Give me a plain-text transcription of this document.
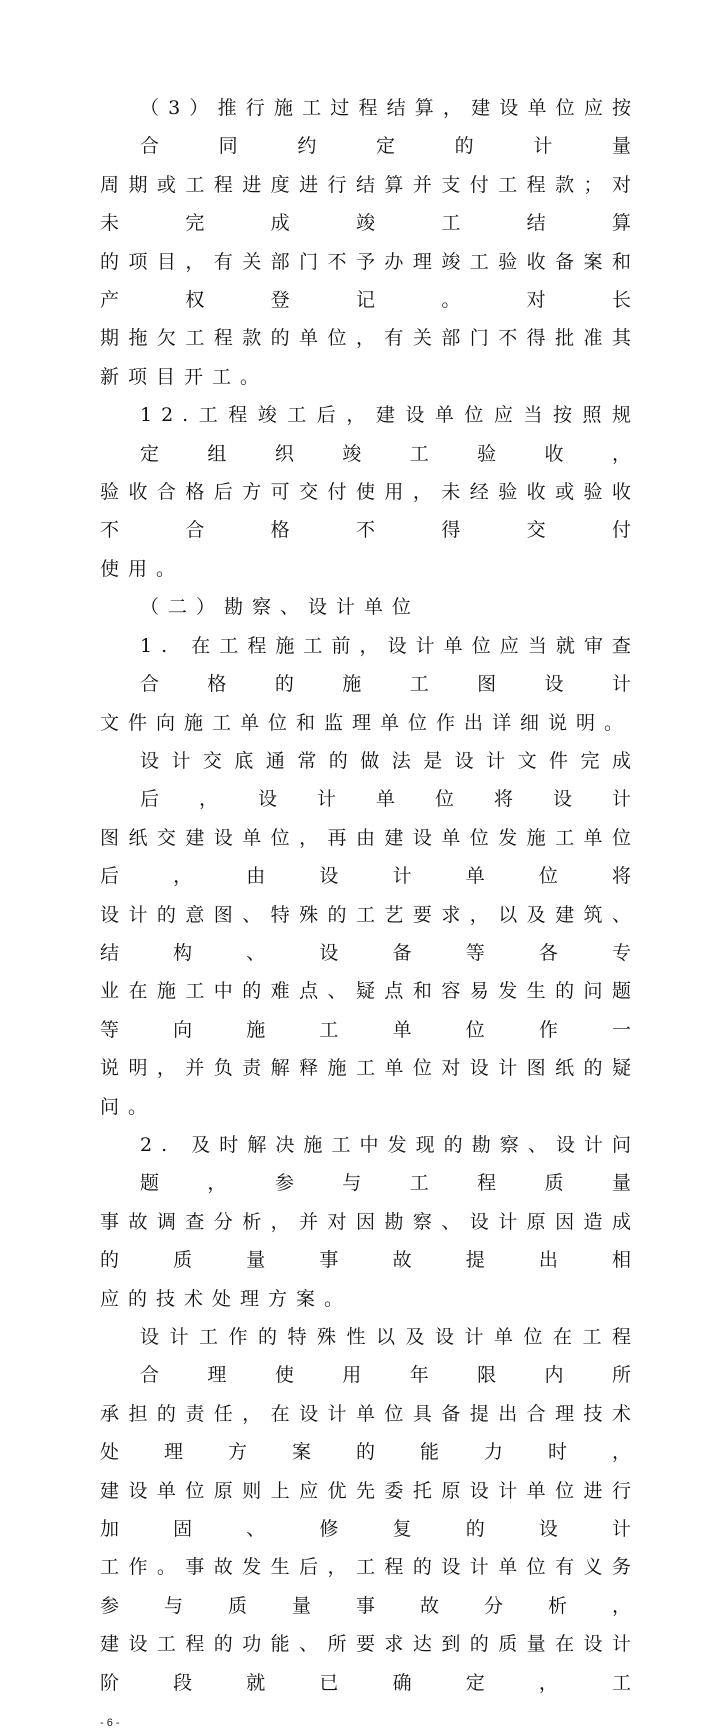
（3）推行施工过程结算，建设单位应按合同约定的计量
周期或工程进度进行结算并支付工程款；对未完成竣工结算
的项目，有关部门不予办理竣工验收备案和产权登记。对长
期拖欠工程款的单位，有关部门不得批准其新项目开工。
12.工程竣工后，建设单位应当按照规定组织竣工验收，
验收合格后方可交付使用，未经验收或验收不合格不得交付
使用。
（二）勘察、设计单位
1. 在工程施工前，设计单位应当就审查合格的施工图设计
文件向施工单位和监理单位作出详细说明。
设计交底通常的做法是设计文件完成后，设计单位将设计
图纸交建设单位，再由建设单位发施工单位后，由设计单位将
设计的意图、特殊的工艺要求，以及建筑、结构、设备等各专
业在施工中的难点、疑点和容易发生的问题等向施工单位作一
说明，并负责解释施工单位对设计图纸的疑问。
2. 及时解决施工中发现的勘察、设计问题，参与工程质量
事故调查分析，并对因勘察、设计原因造成的质量事故提出相
应的技术处理方案。
设计工作的特殊性以及设计单位在工程合理使用年限内所
承担的责任，在设计单位具备提出合理技术处理方案的能力时，
建设单位原则上应优先委托原设计单位进行加固、修复的设计
工作。事故发生后，工程的设计单位有义务参与质量事故分析，
建设工程的功能、所要求达到的质量在设计阶段就已确定，工
- 6 -
